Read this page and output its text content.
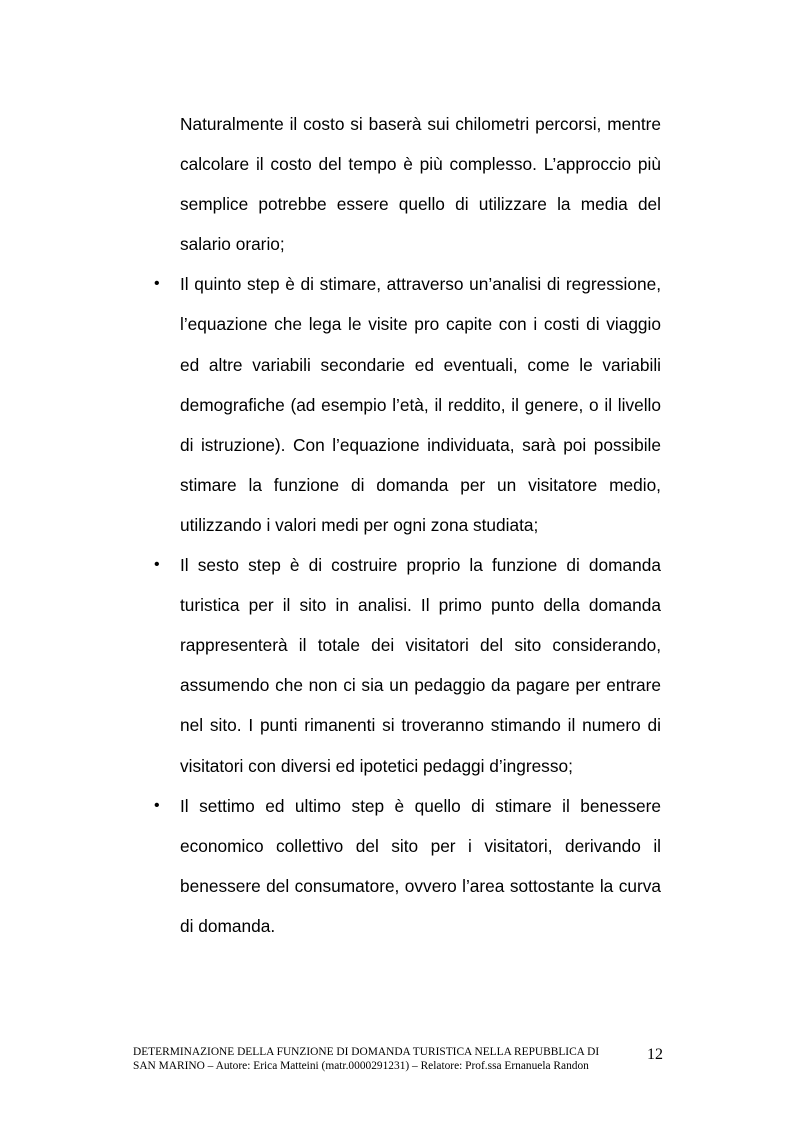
Naturalmente il costo si baserà sui chilometri percorsi, mentre calcolare il costo del tempo è più complesso. L’approccio più semplice potrebbe essere quello di utilizzare la media del salario orario;

•	Il quinto step è di stimare, attraverso un’analisi di regressione, l’equazione che lega le visite pro capite con i costi di viaggio ed altre variabili secondarie ed eventuali, come le variabili demografiche (ad esempio l’età, il reddito, il genere, o il livello di istruzione). Con l’equazione individuata, sarà poi possibile stimare la funzione di domanda per un visitatore medio, utilizzando i valori medi per ogni zona studiata;

•	Il sesto step è di costruire proprio la funzione di domanda turistica per il sito in analisi. Il primo punto della domanda rappresenterà il totale dei visitatori del sito considerando, assumendo che non ci sia un pedaggio da pagare per entrare nel sito. I punti rimanenti si troveranno stimando il numero di visitatori con diversi ed ipotetici pedaggi d’ingresso;

•	Il settimo ed ultimo step è quello di stimare il benessere economico collettivo del sito per i visitatori, derivando il benessere del consumatore, ovvero l’area sottostante la curva di domanda.

DETERMINAZIONE DELLA FUNZIONE DI DOMANDA TURISTICA NELLA REPUBBLICA DI
SAN MARINO – Autore: Erica Matteini (matr.0000291231) – Relatore: Prof.ssa Ernanuela Randon
12
